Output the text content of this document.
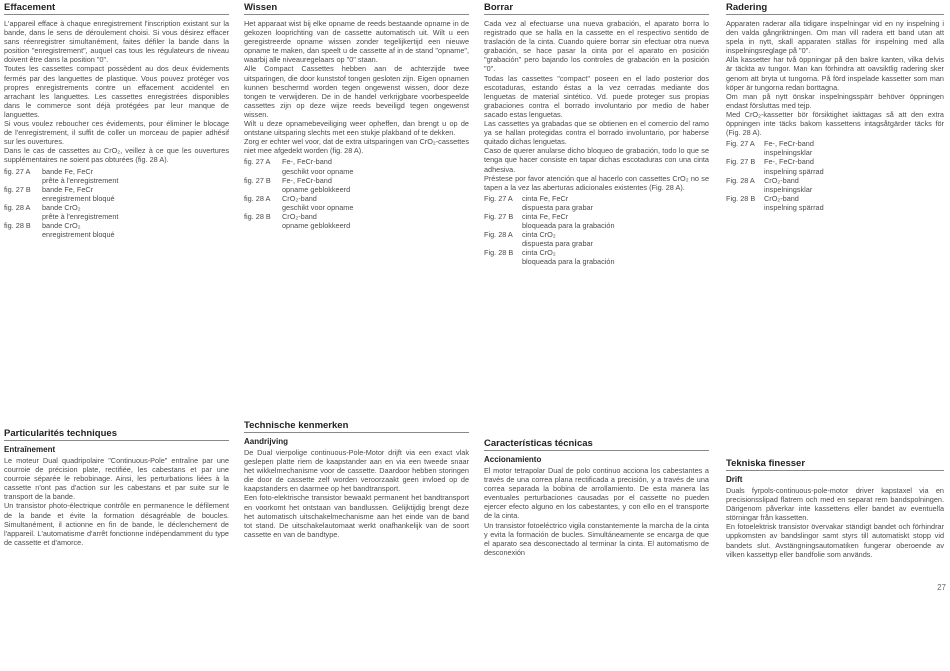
Effacement

L'appareil efface à chaque enregistrement l'inscription existant sur la bande, dans le sens de déroulement choisi. Si vous désirez effacer sans réenregistrer simultanément, faites défiler la bande dans la position "enregistrement", auquel cas tous les régulateurs de niveau doivent être dans la position "0".

Toutes les cassettes compact possèdent au dos deux évidements fermés par des languettes de plastique. Vous pouvez protéger vos propres enregistrements contre un effacement accidentel en arrachant les languettes. Les cassettes enregistrées disponibles dans le commerce sont déjà protégées par leur manque de languettes.

Si vous voulez reboucher ces évidements, pour éliminer le blocage de l'enregistrement, il suffit de coller un morceau de papier adhésif sur les ouvertures.

Dans le cas de cassettes au CrO₂, veillez à ce que les ouvertures supplémentaires ne soient pas obturées (fig. 28 A).

fig. 27 A	bande Fe, FeCr
prête à l'enregistrement

fig. 27 B	bande Fe, FeCr
enregistrement bloqué

fig. 28 A	bande CrO₂
prête à l'enregistrement

fig. 28 B	bande CrO₂
enregistrement bloqué
Particularités techniques
Entraînement

Le moteur Dual quadripolaire "Continuous-Pole" entraîne par une courroie de précision plate, rectifiée, les cabestans et par une courroie séparée le rebobinage. Ainsi, les perturbations liées à la cassette n'ont pas d'action sur les cabestans et par suite sur le transport de la bande.

Un transistor photo-électrique contrôle en permanence le défilement de la bande et évite la formation désagréable de boucles. Simultanément, il actionne en fin de bande, le déclenchement de l'appareil. L'automatisme d'arrêt fonctionne indépendamment du type de cassette et d'amorce.

Wissen

Het apparaat wist bij elke opname de reeds bestaande opname in de gekozen looprichting van de cassette automatisch uit. Wilt u een geregistreerde opname wissen zonder tegelijkertijd een nieuwe opname te maken, dan speelt u de cassette af in de stand "opname", waarbij alle niveauregelaars op "0" staan.

Alle Compact Cassettes hebben aan de achterzijde twee uitsparingen, die door kunststof tongen gesloten zijn. Eigen opnamen kunnen beschermd worden tegen ongewenst wissen, door deze tongen te verwijderen. De in de handel verkrijgbare voorbespeelde cassettes zijn op deze wijze reeds beveiligd tegen ongewenst wissen.

Wilt u deze opnamebeveiliging weer opheffen, dan brengt u op de ontstane uitsparing slechts met een stukje plakband of te dekken.

Zorg er echter wel voor, dat de extra uitsparingen van CrO₂-cassettes niet mee afgedekt worden (fig. 28 A).

fig. 27 A	Fe-, FeCr-band
geschikt voor opname

fig. 27 B	Fe-, FeCr-band
opname geblokkeerd

fig. 28 A	CrO₂-band
geschikt voor opname

fig. 28 B	CrO₂-band
opname geblokkeerd
Technische kenmerken
Aandrijving

De Dual vierpolige continuous-Pole-Motor drijft via een exact vlak geslepen platte riem de kaapstander aan en via een tweede snaar het wikkelmechanisme voor de cassette. Daardoor hebben storingen die door de cassette zelf worden veroorzaakt geen invloed op de kaapstanders en daarmee op het bandtransport.

Een foto-elektrische transistor bewaakt permanent het bandtransport en voorkomt het ontstaan van bandlussen. Gelijktijdig brengt deze het automatisch uitschakelmechanisme aan het einde van de band tot stand. De uitschakelautomaat werkt onafhankelijk van de soort cassette en van de bandtype.

Borrar

Cada vez al efectuarse una nueva grabación, el aparato borra lo registrado que se halla en la cassette en el respectivo sentido de traslación de la cinta. Cuando quiere borrar sin efectuar otra nueva grabación, se hace pasar la cinta por el aparato en posición "grabación" pero bajando los controles de grabación en la posición "0".

Todas las cassettes "compact" poseen en el lado posterior dos escotaduras, estando éstas a la vez cerradas mediante dos lenguetas de material sintético. Vd. puede proteger sus propias grabaciones contra el borrado involuntario por medio de haber sacado estas lenguetas.

Las cassettes ya grabadas que se obtienen en el comercio del ramo ya se hallan protegidas contra el borrado involuntario, por haberse quitado dichas lenguetas.

Caso de querer anularse dicho bloqueo de grabación, todo lo que se tenga que hacer consiste en tapar dichas escotaduras con una cinta adhesiva.

Préstese por favor atención que al hacerlo con cassettes CrO₂ no se tapen a la vez las aberturas adicionales existentes (Fig. 28 A).

Fig. 27 A	cinta Fe, FeCr
dispuesta para grabar

Fig. 27 B	cinta Fe, FeCr
bloqueada para la grabación

Fig. 28 A	cinta CrO₂
dispuesta para grabar

Fig. 28 B	cinta CrO₂
bloqueada para la grabación
Características técnicas
Accionamiento

El motor tetrapolar Dual de polo continuo acciona los cabestantes a través de una correa plana rectificada a precisión, y a través de una correa separada la bobina de arrollamiento. De esta manera las eventuales perturbaciones causadas por el cassette no pueden ejercer efecto alguno en los cabestantes, y con ello en el transporte de la cinta.

Un transistor fotoeléctrico vigila constantemente la marcha de la cinta y evita la formación de bucles. Simultáneamente se encarga de que el aparato sea desconectado al terminar la cinta. El automatismo de desconexión

Radering

Apparaten raderar alla tidigare inspelningar vid en ny inspelning i den valda gångriktningen. Om man vill radera ett band utan att spela in nytt, skall apparaten ställas för inspelning med alla inspelningsreglage på "0".

Alla kassetter har två öppningar på den bakre kanten, vilka delvis är täckta av tungor. Man kan förhindra att oavsiktlig radering sker genom att bryta ut tungorna. På förd inspelade kassetter som man köper är tungorna redan borttagna.

Om man på nytt önskar inspelningsspärr behöver öppningen endast försluttas med tejp.

Med CrO₂-kassetter bör försiktighet iakttagas så att den extra öppningen inte täcks bakom kassettens intagsåtgärder täcks för (Fig. 28 A).

Fig. 27 A	Fe-, FeCr-band
inspelningsklar

Fig. 27 B	Fe-, FeCr-band
inspelning spärrad

Fig. 28 A	CrO₂-band
inspelningsklar

Fig. 28 B	CrO₂-band
inspelning spärrad
Tekniska finesser
Drift

Duals fyrpols-continuous-pole-motor driver kapstaxel via en precisionsslipad flatrem och med en separat rem bandspolningen. Därigenom påverkar inte kassettens eller bandet av eventuella störningar från kassetten.

En fotoelektrisk transistor övervakar ständigt bandet och förhindrar uppkomsten av bandslingor samt styrs till automatiskt stopp vid bandets slut. Avstängningsautomatiken fungerar oberoende av vilken kassettyp eller bandfolie som används.

27
